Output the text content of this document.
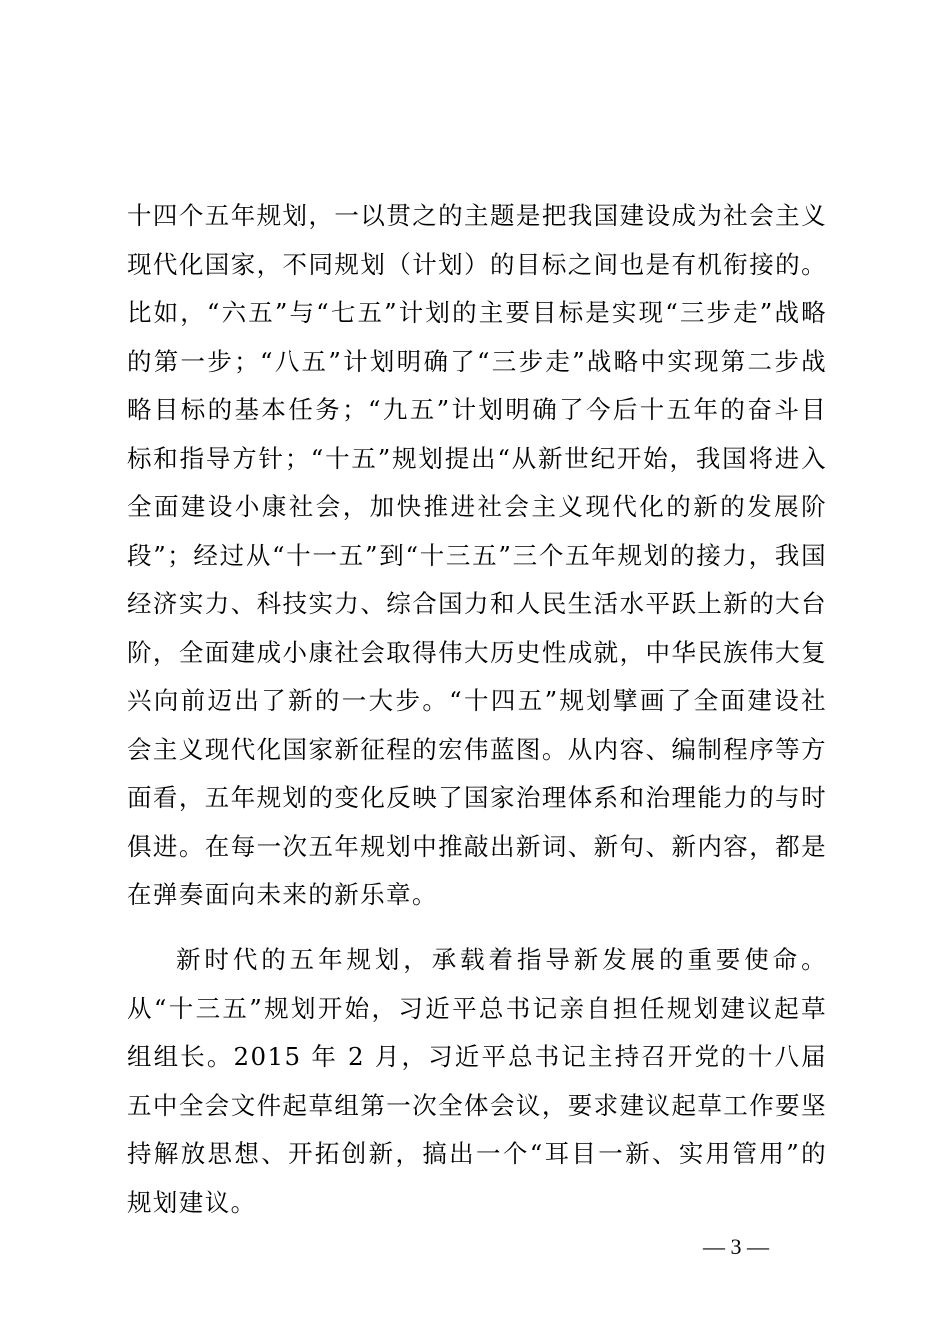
十四个五年规划，一以贯之的主题是把我国建设成为社会主义现代化国家，不同规划（计划）的目标之间也是有机衔接的。比如，“六五”与“七五”计划的主要目标是实现“三步走”战略的第一步；“八五”计划明确了“三步走”战略中实现第二步战略目标的基本任务；“九五”计划明确了今后十五年的奋斗目标和指导方针；“十五”规划提出“从新世纪开始，我国将进入全面建设小康社会，加快推进社会主义现代化的新的发展阶段”；经过从“十一五”到“十三五”三个五年规划的接力，我国经济实力、科技实力、综合国力和人民生活水平跃上新的大台阶，全面建成小康社会取得伟大历史性成就，中华民族伟大复兴向前迈出了新的一大步。“十四五”规划擘画了全面建设社会主义现代化国家新征程的宏伟蓝图。从内容、编制程序等方面看，五年规划的变化反映了国家治理体系和治理能力的与时俱进。在每一次五年规划中推敲出新词、新句、新内容，都是在弹奏面向未来的新乐章。

新时代的五年规划，承载着指导新发展的重要使命。从“十三五”规划开始，习近平总书记亲自担任规划建议起草组组长。2015 年 2 月，习近平总书记主持召开党的十八届五中全会文件起草组第一次全体会议，要求建议起草工作要坚持解放思想、开拓创新，搞出一个“耳目一新、实用管用”的规划建议。

— 3 —
